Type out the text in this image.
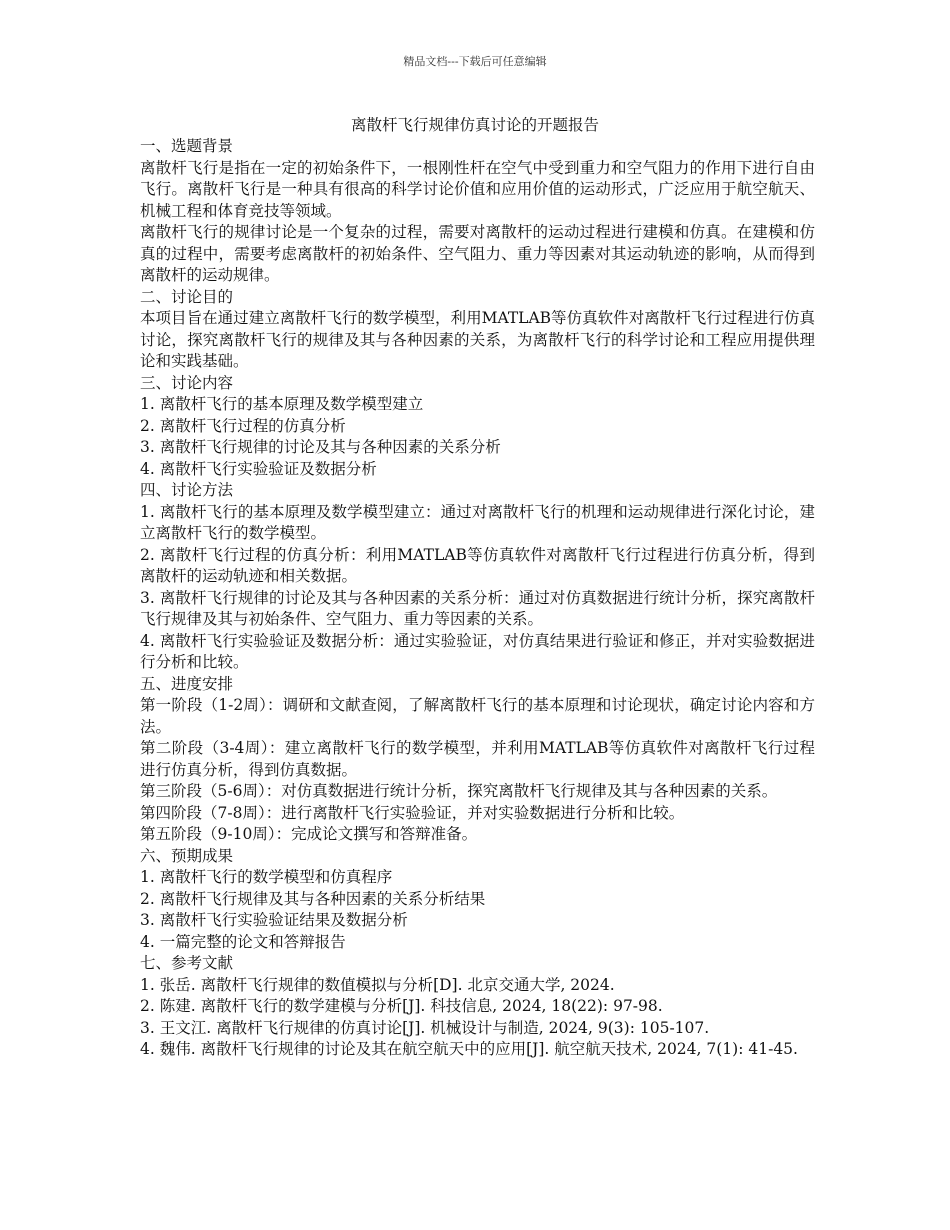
精品文档---下载后可任意编辑
离散杆飞行规律仿真讨论的开题报告

一、选题背景

离散杆飞行是指在一定的初始条件下，一根刚性杆在空气中受到重力和空气阻力的作用下进行自由飞行。离散杆飞行是一种具有很高的科学讨论价值和应用价值的运动形式，广泛应用于航空航天、机械工程和体育竞技等领域。

离散杆飞行的规律讨论是一个复杂的过程，需要对离散杆的运动过程进行建模和仿真。在建模和仿真的过程中，需要考虑离散杆的初始条件、空气阻力、重力等因素对其运动轨迹的影响，从而得到离散杆的运动规律。

二、讨论目的

本项目旨在通过建立离散杆飞行的数学模型，利用MATLAB等仿真软件对离散杆飞行过程进行仿真讨论，探究离散杆飞行的规律及其与各种因素的关系，为离散杆飞行的科学讨论和工程应用提供理论和实践基础。

三、讨论内容

1. 离散杆飞行的基本原理及数学模型建立

2. 离散杆飞行过程的仿真分析

3. 离散杆飞行规律的讨论及其与各种因素的关系分析

4. 离散杆飞行实验验证及数据分析

四、讨论方法

1. 离散杆飞行的基本原理及数学模型建立：通过对离散杆飞行的机理和运动规律进行深化讨论，建立离散杆飞行的数学模型。

2. 离散杆飞行过程的仿真分析：利用MATLAB等仿真软件对离散杆飞行过程进行仿真分析，得到离散杆的运动轨迹和相关数据。

3. 离散杆飞行规律的讨论及其与各种因素的关系分析：通过对仿真数据进行统计分析，探究离散杆飞行规律及其与初始条件、空气阻力、重力等因素的关系。

4. 离散杆飞行实验验证及数据分析：通过实验验证，对仿真结果进行验证和修正，并对实验数据进行分析和比较。

五、进度安排

第一阶段（1-2周）：调研和文献查阅，了解离散杆飞行的基本原理和讨论现状，确定讨论内容和方法。

第二阶段（3-4周）：建立离散杆飞行的数学模型，并利用MATLAB等仿真软件对离散杆飞行过程进行仿真分析，得到仿真数据。

第三阶段（5-6周）：对仿真数据进行统计分析，探究离散杆飞行规律及其与各种因素的关系。

第四阶段（7-8周）：进行离散杆飞行实验验证，并对实验数据进行分析和比较。

第五阶段（9-10周）：完成论文撰写和答辩准备。

六、预期成果

1. 离散杆飞行的数学模型和仿真程序

2. 离散杆飞行规律及其与各种因素的关系分析结果

3. 离散杆飞行实验验证结果及数据分析

4. 一篇完整的论文和答辩报告

七、参考文献

1. 张岳. 离散杆飞行规律的数值模拟与分析[D]. 北京交通大学, 2024.

2. 陈建. 离散杆飞行的数学建模与分析[J]. 科技信息, 2024, 18(22): 97-98.

3. 王文江. 离散杆飞行规律的仿真讨论[J]. 机械设计与制造, 2024, 9(3): 105-107.

4. 魏伟. 离散杆飞行规律的讨论及其在航空航天中的应用[J]. 航空航天技术, 2024, 7(1): 41-45.
